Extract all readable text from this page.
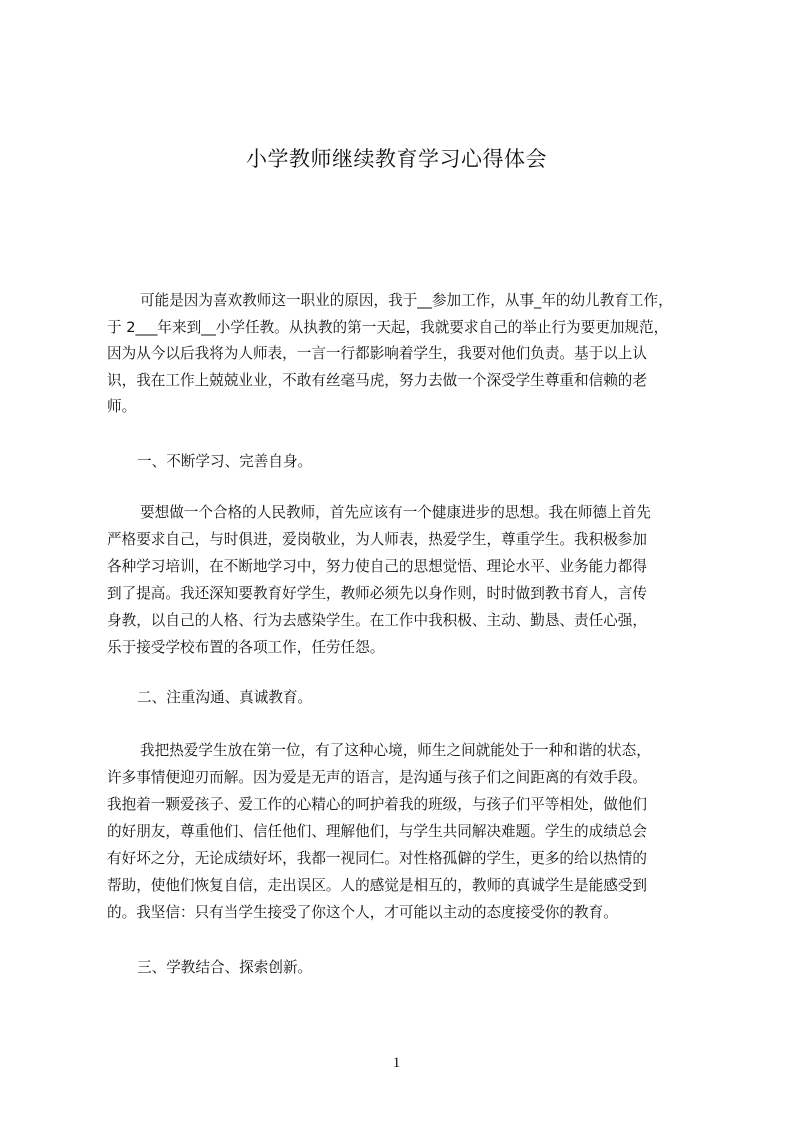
小学教师继续教育学习心得体会
可能是因为喜欢教师这一职业的原因，我于__参加工作，从事_年的幼儿教育工作，
于 2___年来到__小学任教。从执教的第一天起，我就要求自己的举止行为要更加规范，
因为从今以后我将为人师表，一言一行都影响着学生，我要对他们负责。基于以上认
识，我在工作上兢兢业业，不敢有丝毫马虎，努力去做一个深受学生尊重和信赖的老
师。
一、不断学习、完善自身。
要想做一个合格的人民教师，首先应该有一个健康进步的思想。我在师德上首先
严格要求自己，与时俱进，爱岗敬业，为人师表，热爱学生，尊重学生。我积极参加
各种学习培训，在不断地学习中，努力使自己的思想觉悟、理论水平、业务能力都得
到了提高。我还深知要教育好学生，教师必须先以身作则，时时做到教书育人，言传
身教，以自己的人格、行为去感染学生。在工作中我积极、主动、勤恳、责任心强，
乐于接受学校布置的各项工作，任劳任怨。
二、注重沟通、真诚教育。
我把热爱学生放在第一位，有了这种心境，师生之间就能处于一种和谐的状态，
许多事情便迎刃而解。因为爱是无声的语言，是沟通与孩子们之间距离的有效手段。
我抱着一颗爱孩子、爱工作的心精心的呵护着我的班级，与孩子们平等相处，做他们
的好朋友，尊重他们、信任他们、理解他们，与学生共同解决难题。学生的成绩总会
有好坏之分，无论成绩好坏，我都一视同仁。对性格孤僻的学生，更多的给以热情的
帮助，使他们恢复自信，走出误区。人的感觉是相互的，教师的真诚学生是能感受到
的。我坚信：只有当学生接受了你这个人，才可能以主动的态度接受你的教育。
三、学教结合、探索创新。
1
